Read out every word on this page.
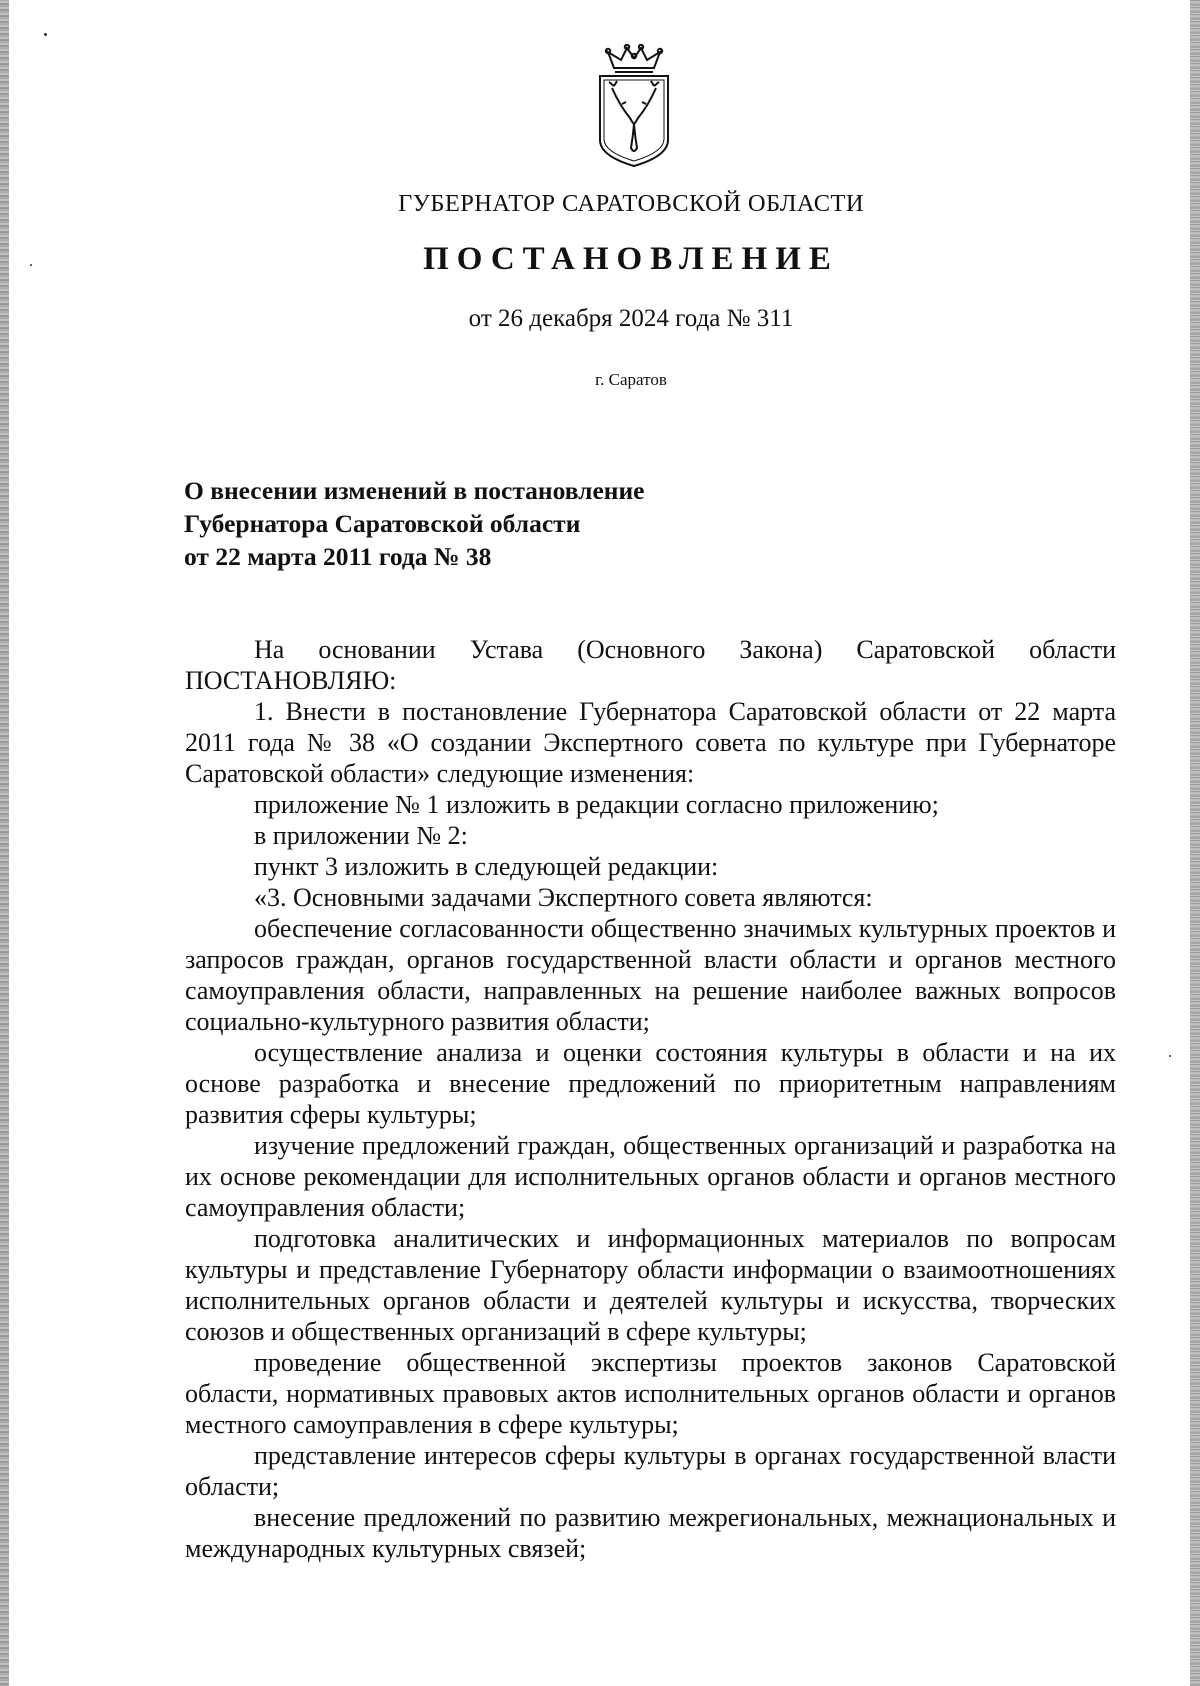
ГУБЕРНАТОР САРАТОВСКОЙ ОБЛАСТИ
ПОСТАНОВЛЕНИЕ
от 26 декабря 2024 года № 311
г. Саратов
О внесении изменений в постановление
Губернатора Саратовской области
от 22 марта 2011 года № 38

На основании Устава (Основного Закона) Саратовской области ПОСТАНОВЛЯЮ:

1. Внести в постановление Губернатора Саратовской области от 22 марта 2011 года № 38 «О создании Экспертного совета по культуре при Губернаторе Саратовской области» следующие изменения:

приложение № 1 изложить в редакции согласно приложению;

в приложении № 2:

пункт 3 изложить в следующей редакции:

«3. Основными задачами Экспертного совета являются:

обеспечение согласованности общественно значимых культурных проектов и запросов граждан, органов государственной власти области и органов местного самоуправления области, направленных на решение наиболее важных вопросов социально-культурного развития области;

осуществление анализа и оценки состояния культуры в области и на их основе разработка и внесение предложений по приоритетным направлениям развития сферы культуры;

изучение предложений граждан, общественных организаций и разработка на их основе рекомендации для исполнительных органов области и органов местного самоуправления области;

подготовка аналитических и информационных материалов по вопросам культуры и представление Губернатору области информации о взаимоотношениях исполнительных органов области и деятелей культуры и искусства, творческих союзов и общественных организаций в сфере культуры;

проведение общественной экспертизы проектов законов Саратовской области, нормативных правовых актов исполнительных органов области и органов местного самоуправления в сфере культуры;

представление интересов сферы культуры в органах государственной власти области;

внесение предложений по развитию межрегиональных, межнациональных и международных культурных связей;
